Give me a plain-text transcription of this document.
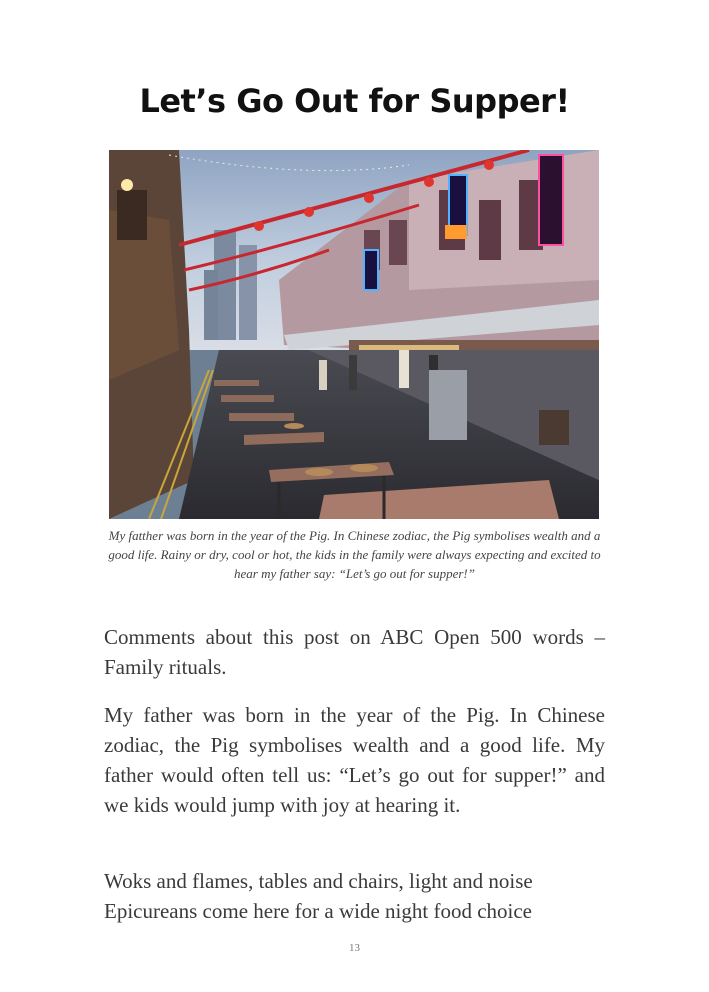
Let’s Go Out for Supper!

My fatther was born in the year of the Pig. In Chinese zodiac, the Pig symbolises wealth and a good life. Rainy or dry, cool or hot, the kids in the family were always expecting and excited to hear my father say: “Let’s go out for supper!”

Comments about this post on ABC Open 500 words – Family rituals.

My father was born in the year of the Pig. In Chinese zodiac, the Pig symbolises wealth and a good life. My father would often tell us: “Let’s go out for supper!” and we kids would jump with joy at hearing it.

Woks and flames, tables and chairs, light and noise
Epicureans come here for a wide night food choice

13
